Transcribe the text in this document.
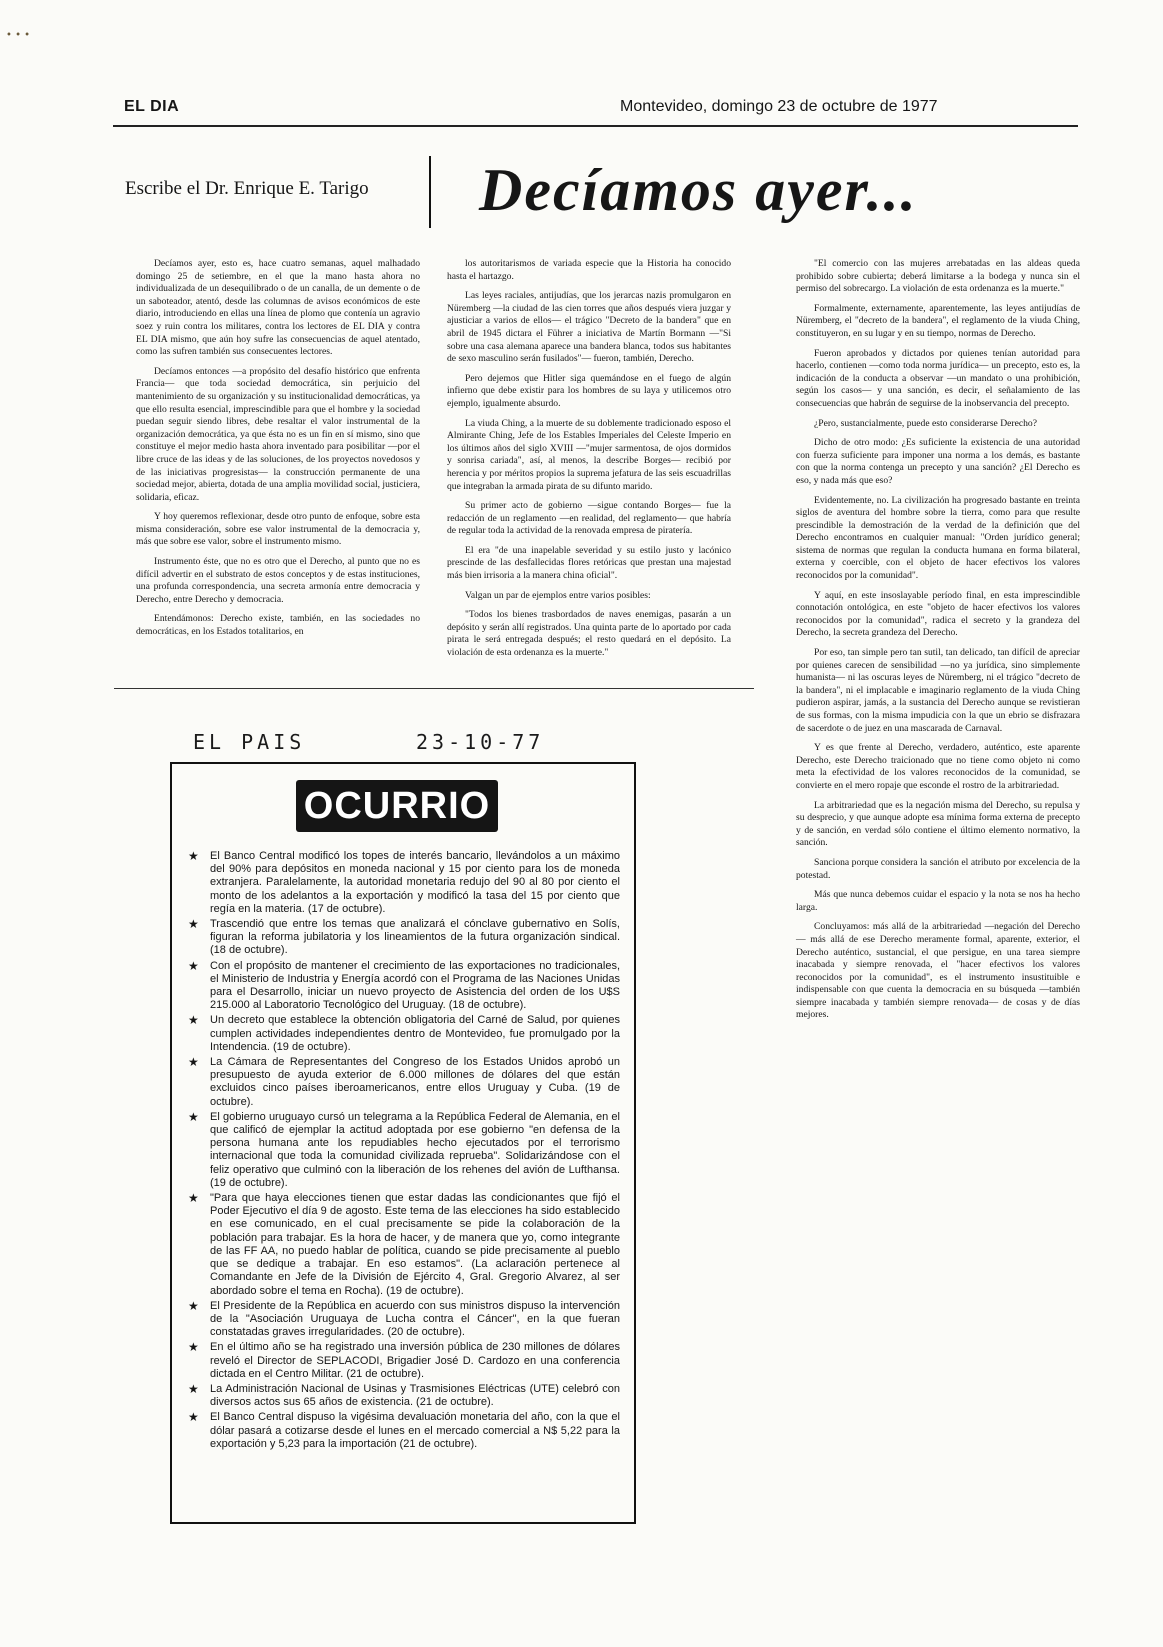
• • •
EL DIA	Montevideo, domingo 23 de octubre de 1977
Escribe el Dr. Enrique E. Tarigo Decíamos ayer...

Decíamos ayer, esto es, hace cuatro semanas, aquel malhadado domingo 25 de setiembre, en el que la mano hasta ahora no individualizada de un desequilibrado o de un canalla, de un demente o de un saboteador, atentó, desde las columnas de avisos económicos de este diario, introduciendo en ellas una línea de plomo que contenía un agravio soez y ruin contra los militares, contra los lectores de EL DIA y contra EL DIA mismo, que aún hoy sufre las consecuencias de aquel atentado, como las sufren también sus consecuentes lectores.

Decíamos entonces —a propósito del desafío histórico que enfrenta Francia— que toda sociedad democrática, sin perjuicio del mantenimiento de su organización y su institucionalidad democráticas, ya que ello resulta esencial, imprescindible para que el hombre y la sociedad puedan seguir siendo libres, debe resaltar el valor instrumental de la organización democrática, ya que ésta no es un fin en sí mismo, sino que constituye el mejor medio hasta ahora inventado para posibilitar —por el libre cruce de las ideas y de las soluciones, de los proyectos novedosos y de las iniciativas progresistas— la construcción permanente de una sociedad mejor, abierta, dotada de una amplia movilidad social, justiciera, solidaria, eficaz.

Y hoy queremos reflexionar, desde otro punto de enfoque, sobre esta misma consideración, sobre ese valor instrumental de la democracia y, más que sobre ese valor, sobre el instrumento mismo.

Instrumento éste, que no es otro que el Derecho, al punto que no es difícil advertir en el substrato de estos conceptos y de estas instituciones, una profunda correspondencia, una secreta armonía entre democracia y Derecho, entre Derecho y democracia.

Entendámonos: Derecho existe, también, en las sociedades no democráticas, en los Estados totalitarios, en

los autoritarismos de variada especie que la Historia ha conocido hasta el hartazgo.

Las leyes raciales, antijudías, que los jerarcas nazis promulgaron en Nüremberg —la ciudad de las cien torres que años después viera juzgar y ajusticiar a varios de ellos— el trágico "Decreto de la bandera" que en abril de 1945 dictara el Führer a iniciativa de Martín Bormann —"Si sobre una casa alemana aparece una bandera blanca, todos sus habitantes de sexo masculino serán fusilados"— fueron, también, Derecho.

Pero dejemos que Hitler siga quemándose en el fuego de algún infierno que debe existir para los hombres de su laya y utilicemos otro ejemplo, igualmente absurdo.

La viuda Ching, a la muerte de su doblemente tradicionado esposo el Almirante Ching, Jefe de los Estables Imperiales del Celeste Imperio en los últimos años del siglo XVIII —"mujer sarmentosa, de ojos dormidos y sonrisa cariada", así, al menos, la describe Borges— recibió por herencia y por méritos propios la suprema jefatura de las seis escuadrillas que integraban la armada pirata de su difunto marido.

Su primer acto de gobierno —sigue contando Borges— fue la redacción de un reglamento —en realidad, del reglamento— que habría de regular toda la actividad de la renovada empresa de piratería.

El era "de una inapelable severidad y su estilo justo y lacónico prescinde de las desfallecidas flores retóricas que prestan una majestad más bien irrisoria a la manera china oficial".

Valgan un par de ejemplos entre varios posibles:

"Todos los bienes trasbordados de naves enemigas, pasarán a un depósito y serán allí registrados. Una quinta parte de lo aportado por cada pirata le será entregada después; el resto quedará en el depósito. La violación de esta ordenanza es la muerte."

"El comercio con las mujeres arrebatadas en las aldeas queda prohibido sobre cubierta; deberá limitarse a la bodega y nunca sin el permiso del sobrecargo. La violación de esta ordenanza es la muerte."

Formalmente, externamente, aparentemente, las leyes antijudías de Nüremberg, el "decreto de la bandera", el reglamento de la viuda Ching, constituyeron, en su lugar y en su tiempo, normas de Derecho.

Fueron aprobados y dictados por quienes tenían autoridad para hacerlo, contienen —como toda norma jurídica— un precepto, esto es, la indicación de la conducta a observar —un mandato o una prohibición, según los casos— y una sanción, es decir, el señalamiento de las consecuencias que habrán de seguirse de la inobservancia del precepto.

¿Pero, sustancialmente, puede esto considerarse Derecho?

Dicho de otro modo: ¿Es suficiente la existencia de una autoridad con fuerza suficiente para imponer una norma a los demás, es bastante con que la norma contenga un precepto y una sanción? ¿El Derecho es eso, y nada más que eso?

Evidentemente, no. La civilización ha progresado bastante en treinta siglos de aventura del hombre sobre la tierra, como para que resulte prescindible la demostración de la verdad de la definición que del Derecho encontramos en cualquier manual: "Orden jurídico general; sistema de normas que regulan la conducta humana en forma bilateral, externa y coercible, con el objeto de hacer efectivos los valores reconocidos por la comunidad".

Y aquí, en este insoslayable período final, en esta imprescindible connotación ontológica, en este "objeto de hacer efectivos los valores reconocidos por la comunidad", radica el secreto y la grandeza del Derecho, la secreta grandeza del Derecho.

Por eso, tan simple pero tan sutil, tan delicado, tan difícil de apreciar por quienes carecen de sensibilidad —no ya jurídica, sino simplemente humanista— ni las oscuras leyes de Nüremberg, ni el trágico "decreto de la bandera", ni el implacable e imaginario reglamento de la viuda Ching pudieron aspirar, jamás, a la sustancia del Derecho aunque se revistieran de sus formas, con la misma impudicia con la que un ebrio se disfrazara de sacerdote o de juez en una mascarada de Carnaval.

Y es que frente al Derecho, verdadero, auténtico, este aparente Derecho, este Derecho traicionado que no tiene como objeto ni como meta la efectividad de los valores reconocidos de la comunidad, se convierte en el mero ropaje que esconde el rostro de la arbitrariedad.

La arbitrariedad que es la negación misma del Derecho, su repulsa y su desprecio, y que aunque adopte esa mínima forma externa de precepto y de sanción, en verdad sólo contiene el último elemento normativo, la sanción.

Sanciona porque considera la sanción el atributo por excelencia de la potestad.

Más que nunca debemos cuidar el espacio y la nota se nos ha hecho larga.

Concluyamos: más allá de la arbitrariedad —negación del Derecho— más allá de ese Derecho meramente formal, aparente, exterior, el Derecho auténtico, sustancial, el que persigue, en una tarea siempre inacabada y siempre renovada, el "hacer efectivos los valores reconocidos por la comunidad", es el instrumento insustituible e indispensable con que cuenta la democracia en su búsqueda —también siempre inacabada y también siempre renovada— de cosas y de días mejores.

EL PAIS	23-10-77
OCURRIO
★ El Banco Central modificó los topes de interés bancario, llevándolos a un máximo del 90% para depósitos en moneda nacional y 15 por ciento para los de moneda extranjera. Paralelamente, la autoridad monetaria redujo del 90 al 80 por ciento el monto de los adelantos a la exportación y modificó la tasa del 15 por ciento que regía en la materia. (17 de octubre).
★ Trascendió que entre los temas que analizará el cónclave gubernativo en Solís, figuran la reforma jubilatoria y los lineamientos de la futura organización sindical. (18 de octubre).
★ Con el propósito de mantener el crecimiento de las exportaciones no tradicionales, el Ministerio de Industria y Energía acordó con el Programa de las Naciones Unidas para el Desarrollo, iniciar un nuevo proyecto de Asistencia del orden de los U$S 215.000 al Laboratorio Tecnológico del Uruguay. (18 de octubre).
★ Un decreto que establece la obtención obligatoria del Carné de Salud, por quienes cumplen actividades independientes dentro de Montevideo, fue promulgado por la Intendencia. (19 de octubre).
★ La Cámara de Representantes del Congreso de los Estados Unidos aprobó un presupuesto de ayuda exterior de 6.000 millones de dólares del que están excluidos cinco países iberoamericanos, entre ellos Uruguay y Cuba. (19 de octubre).
★ El gobierno uruguayo cursó un telegrama a la República Federal de Alemania, en el que calificó de ejemplar la actitud adoptada por ese gobierno "en defensa de la persona humana ante los repudiables hecho ejecutados por el terrorismo internacional que toda la comunidad civilizada reprueba". Solidarizándose con el feliz operativo que culminó con la liberación de los rehenes del avión de Lufthansa. (19 de octubre).
★ "Para que haya elecciones tienen que estar dadas las condicionantes que fijó el Poder Ejecutivo el día 9 de agosto. Este tema de las elecciones ha sido establecido en ese comunicado, en el cual precisamente se pide la colaboración de la población para trabajar. Es la hora de hacer, y de manera que yo, como integrante de las FF AA, no puedo hablar de política, cuando se pide precisamente al pueblo que se dedique a trabajar. En eso estamos". (La aclaración pertenece al Comandante en Jefe de la División de Ejército 4, Gral. Gregorio Alvarez, al ser abordado sobre el tema en Rocha). (19 de octubre).
★ El Presidente de la República en acuerdo con sus ministros dispuso la intervención de la "Asociación Uruguaya de Lucha contra el Cáncer", en la que fueran constatadas graves irregularidades. (20 de octubre).
★ En el último año se ha registrado una inversión pública de 230 millones de dólares reveló el Director de SEPLACODI, Brigadier José D. Cardozo en una conferencia dictada en el Centro Militar. (21 de octubre).
★ La Administración Nacional de Usinas y Trasmisiones Eléctricas (UTE) celebró con diversos actos sus 65 años de existencia. (21 de octubre).
★ El Banco Central dispuso la vigésima devaluación monetaria del año, con la que el dólar pasará a cotizarse desde el lunes en el mercado comercial a N$ 5,22 para la exportación y 5,23 para la importación (21 de octubre).
